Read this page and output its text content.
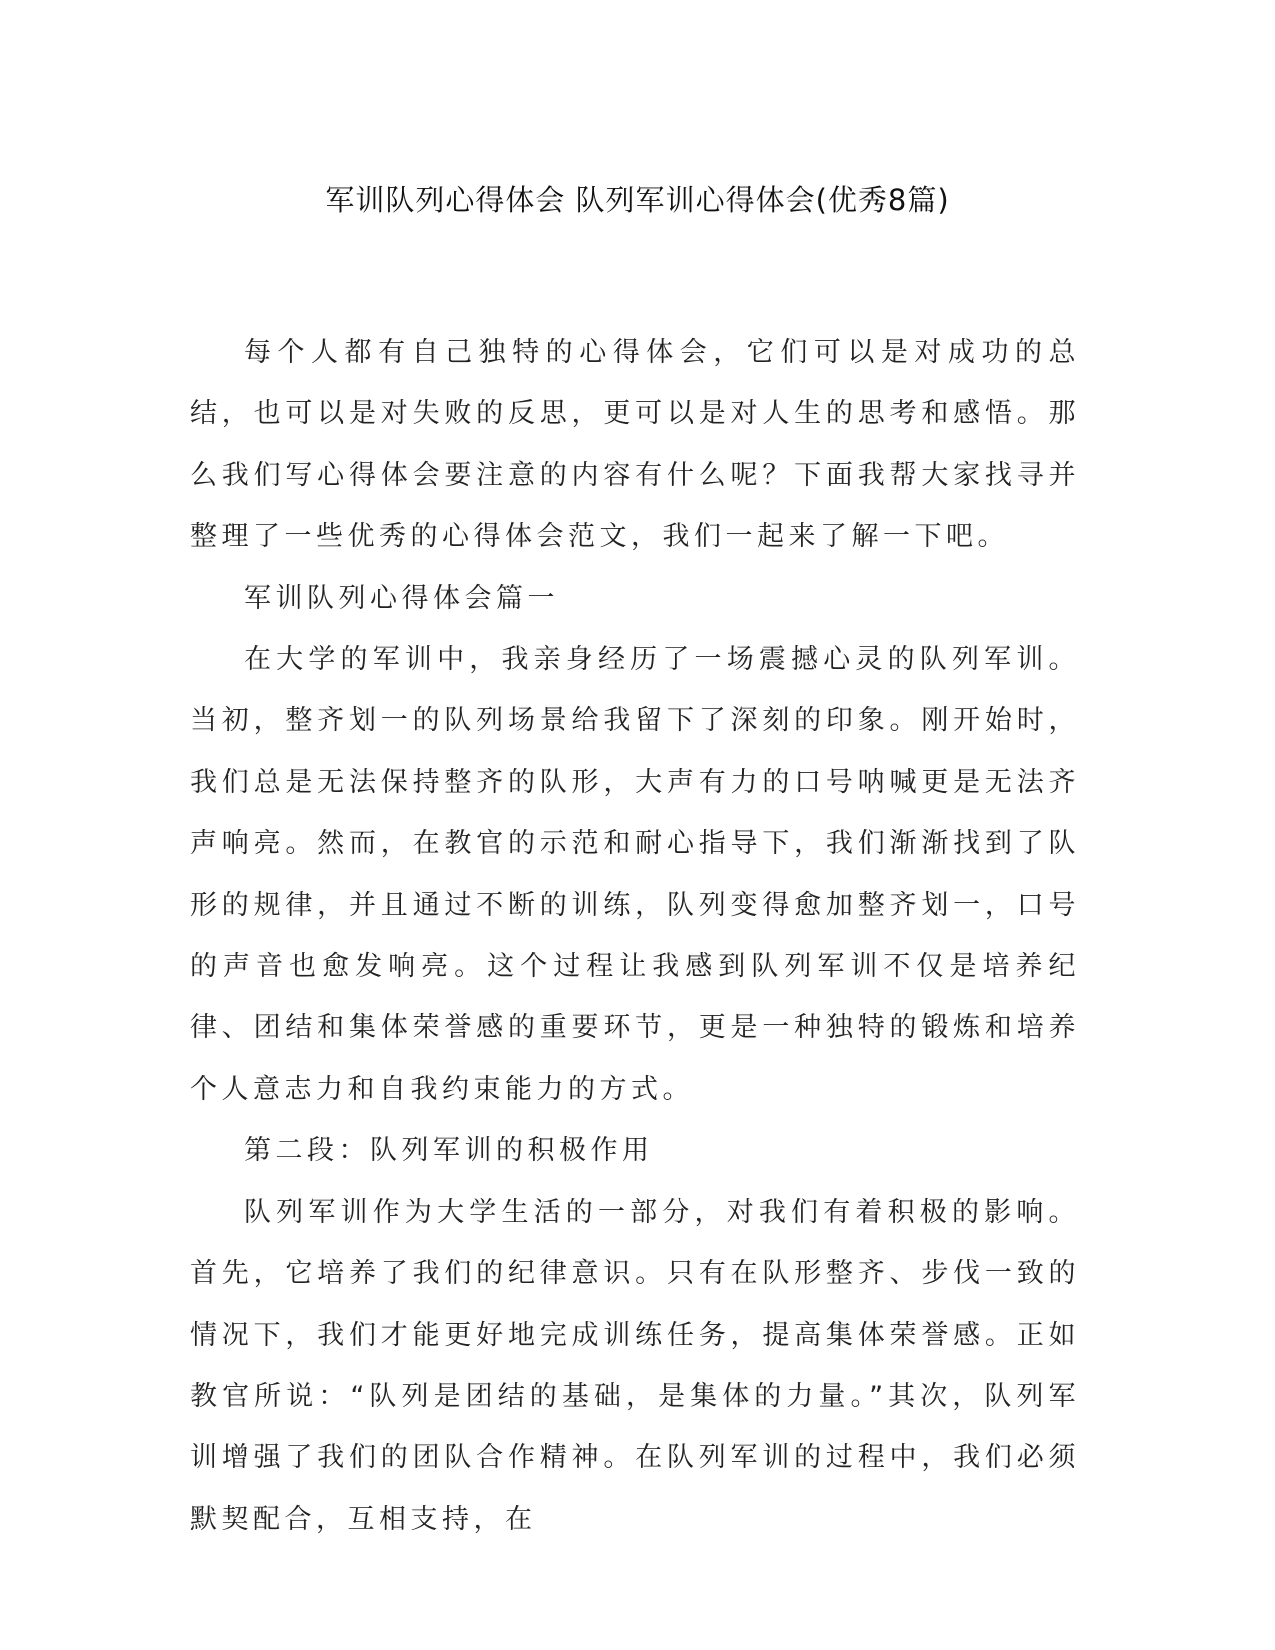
军训队列心得体会 队列军训心得体会(优秀8篇)

每个人都有自己独特的心得体会，它们可以是对成功的总结，也可以是对失败的反思，更可以是对人生的思考和感悟。那么我们写心得体会要注意的内容有什么呢？下面我帮大家找寻并整理了一些优秀的心得体会范文，我们一起来了解一下吧。

军训队列心得体会篇一

在大学的军训中，我亲身经历了一场震撼心灵的队列军训。当初，整齐划一的队列场景给我留下了深刻的印象。刚开始时，我们总是无法保持整齐的队形，大声有力的口号呐喊更是无法齐声响亮。然而，在教官的示范和耐心指导下，我们渐渐找到了队形的规律，并且通过不断的训练，队列变得愈加整齐划一，口号的声音也愈发响亮。这个过程让我感到队列军训不仅是培养纪律、团结和集体荣誉感的重要环节，更是一种独特的锻炼和培养个人意志力和自我约束能力的方式。

第二段：队列军训的积极作用

队列军训作为大学生活的一部分，对我们有着积极的影响。首先，它培养了我们的纪律意识。只有在队形整齐、步伐一致的情况下，我们才能更好地完成训练任务，提高集体荣誉感。正如教官所说：“队列是团结的基础，是集体的力量。”其次，队列军训增强了我们的团队合作精神。在队列军训的过程中，我们必须默契配合，互相支持，在
